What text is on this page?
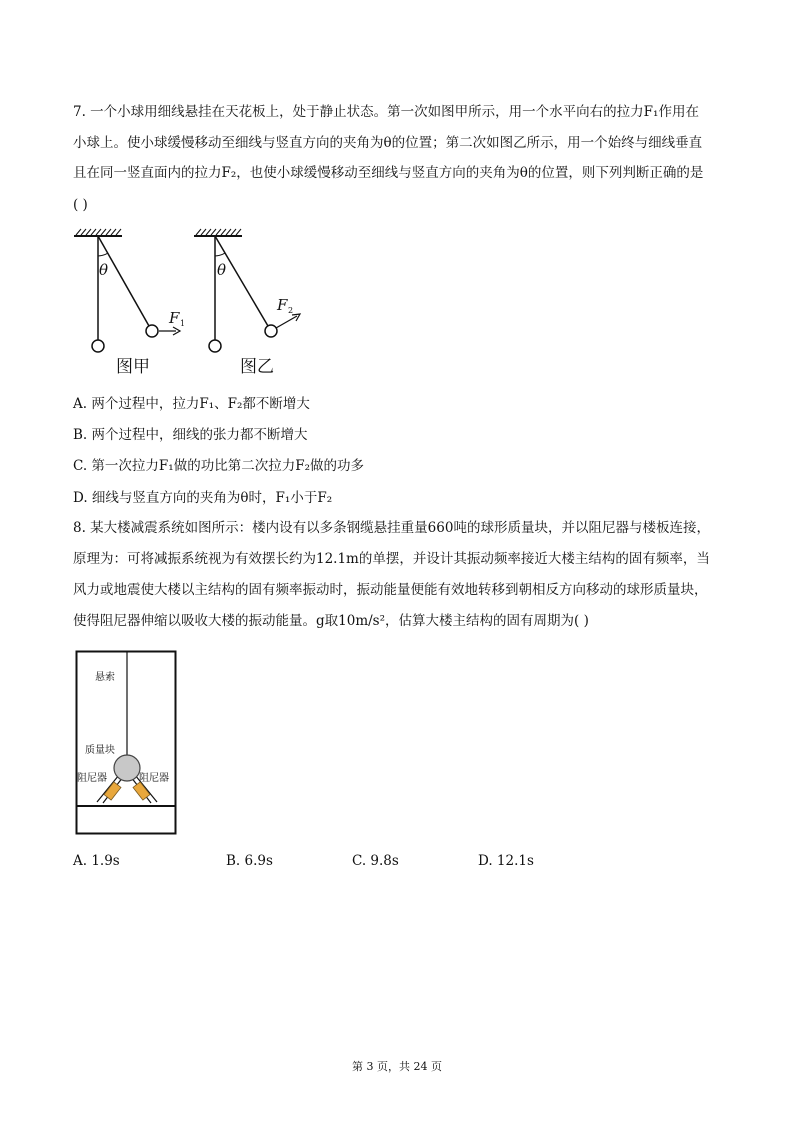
7. 一个小球用细线悬挂在天花板上，处于静止状态。第一次如图甲所示，用一个水平向右的拉力F₁作用在
小球上。使小球缓慢移动至细线与竖直方向的夹角为θ的位置；第二次如图乙所示，用一个始终与细线垂直
且在同一竖直面内的拉力F₂，也使小球缓慢移动至细线与竖直方向的夹角为θ的位置，则下列判断正确的是
( )
θ
F 1
图甲
θ
F 2
图乙
A. 两个过程中，拉力F₁、F₂都不断增大
B. 两个过程中，细线的张力都不断增大
C. 第一次拉力F₁做的功比第二次拉力F₂做的功多
D. 细线与竖直方向的夹角为θ时，F₁小于F₂
8. 某大楼减震系统如图所示：楼内设有以多条钢缆悬挂重量660吨的球形质量块，并以阻尼器与楼板连接，
原理为：可将减振系统视为有效摆长约为12.1m的单摆，并设计其振动频率接近大楼主结构的固有频率，当
风力或地震使大楼以主结构的固有频率振动时，振动能量便能有效地转移到朝相反方向移动的球形质量块，
使得阻尼器伸缩以吸收大楼的振动能量。g取10m/s²，估算大楼主结构的固有周期为( )
悬索
质量块
阻尼器	阻尼器
A. 1.9s	B. 6.9s	C. 9.8s	D. 12.1s
第 3 页，共 24 页
